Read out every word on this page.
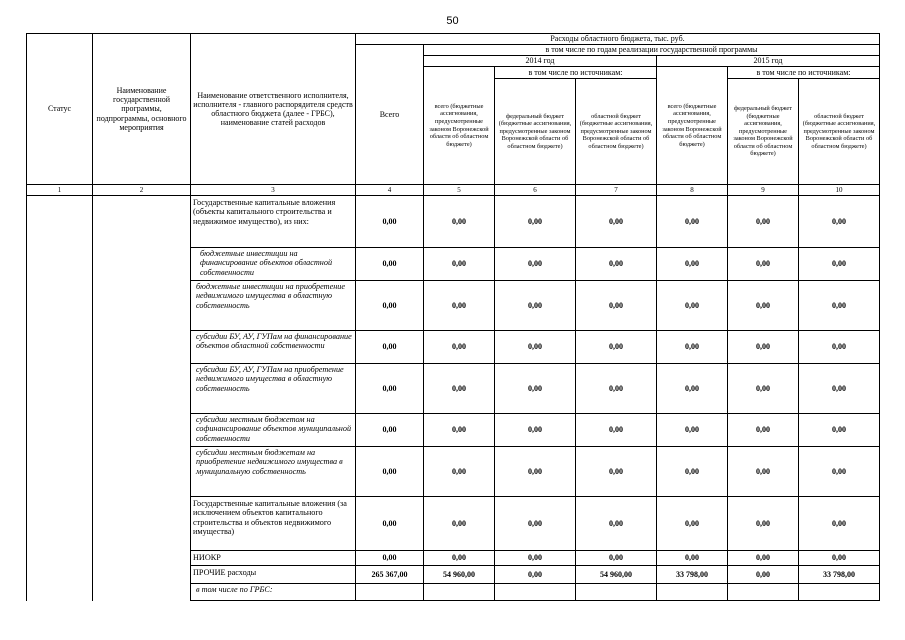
50
Статус	Наименование государственной программы, подпрограммы, основного мероприятия	Наименование ответственного исполнителя, исполнителя - главного распорядителя средств областного бюджета (далее - ГРБС), наименование статей расходов	Расходы областного бюджета, тыс. руб.						
			Всего	в том числе по годам реализации государственной программы					
				2014 год			2015 год		
				всего (бюджетные ассигнования, предусмотренные законом Воронежской области об областном бюджете)	в том числе по источникам:		всего (бюджетные ассигнования, предусмотренные законом Воронежской области об областном бюджете)	в том числе по источникам:	
					федеральный бюджет (бюджетные ассигнования, предусмотренные законом Воронежской области об областном бюджете)	областной бюджет (бюджетные ассигнования, предусмотренные законом Воронежской области об областном бюджете)		федеральный бюджет (бюджетные ассигнования, предусмотренные законом Воронежской области об областном бюджете)	областной бюджет (бюджетные ассигнования, предусмотренные законом Воронежской области об областном бюджете)
1	2	3	4	5	6	7	8	9	10
		Государственные капитальные вложения (объекты капитального строительства и недвижимое имущество), из них:	0,00	0,00	0,00	0,00	0,00	0,00	0,00
		бюджетные инвестиции на финансирование объектов областной собственности	0,00	0,00	0,00	0,00	0,00	0,00	0,00
		бюджетные инвестиции на приобретение недвижимого имущества в областную собственность	0,00	0,00	0,00	0,00	0,00	0,00	0,00
		субсидии БУ, АУ, ГУПам на финансирование объектов областной собственности	0,00	0,00	0,00	0,00	0,00	0,00	0,00
		субсидии БУ, АУ, ГУПам на приобретение недвижимого имущества в областную собственность	0,00	0,00	0,00	0,00	0,00	0,00	0,00
		субсидии местным бюджетом на софинансирование объектов муниципальной собственности	0,00	0,00	0,00	0,00	0,00	0,00	0,00
		субсидии местным бюджетам на приобретение недвижимого имущества в муниципальную собственность	0,00	0,00	0,00	0,00	0,00	0,00	0,00
		Государственные капитальные вложения (за исключением объектов капитального строительства и объектов недвижимого имущества)	0,00	0,00	0,00	0,00	0,00	0,00	0,00
		НИОКР	0,00	0,00	0,00	0,00	0,00	0,00	0,00
		ПРОЧИЕ расходы	265 367,00	54 960,00	0,00	54 960,00	33 798,00	0,00	33 798,00
		в том числе по ГРБС:							
